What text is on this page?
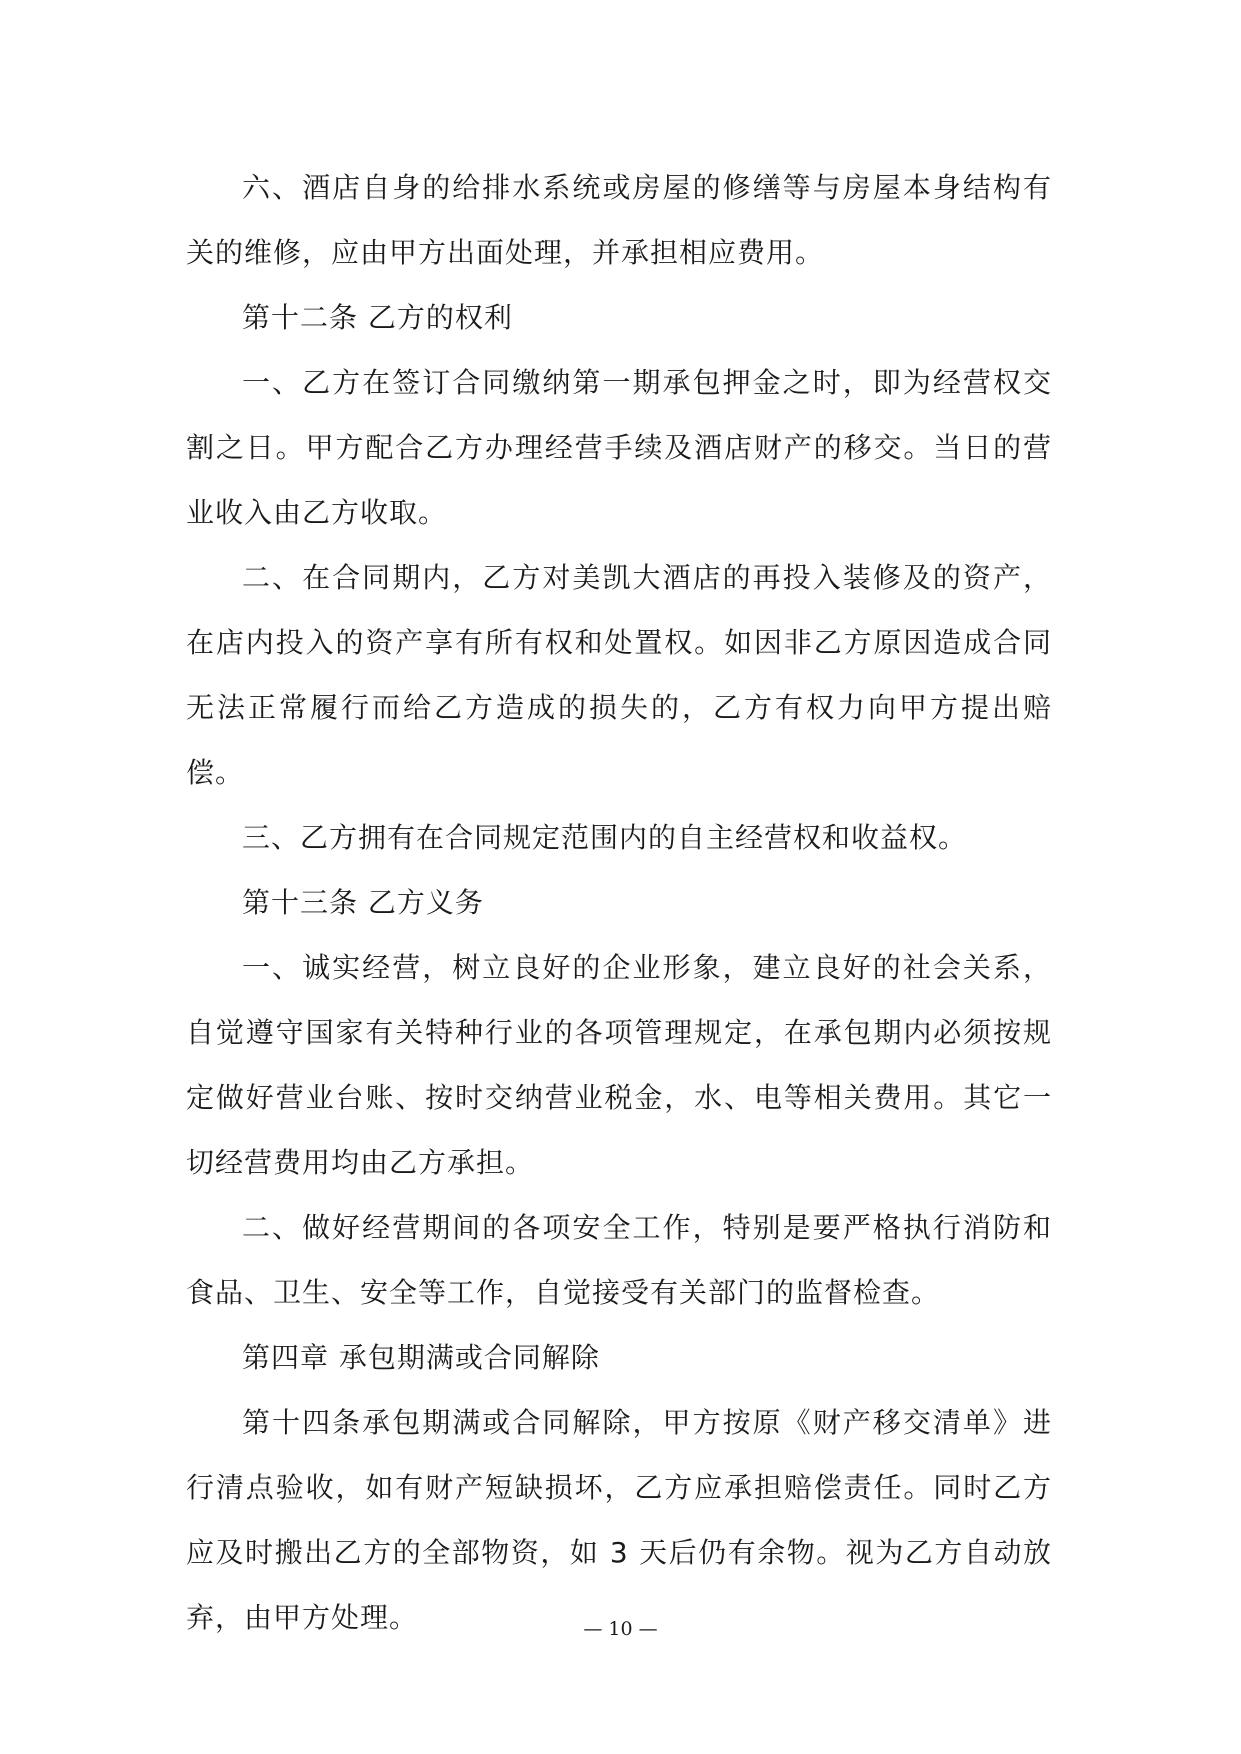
六、酒店自身的给排水系统或房屋的修缮等与房屋本身结构有关的维修，应由甲方出面处理，并承担相应费用。

第十二条 乙方的权利

一、乙方在签订合同缴纳第一期承包押金之时，即为经营权交割之日。甲方配合乙方办理经营手续及酒店财产的移交。当日的营业收入由乙方收取。

二、在合同期内，乙方对美凯大酒店的再投入装修及的资产，在店内投入的资产享有所有权和处置权。如因非乙方原因造成合同无法正常履行而给乙方造成的损失的，乙方有权力向甲方提出赔偿。

三、乙方拥有在合同规定范围内的自主经营权和收益权。

第十三条 乙方义务

一、诚实经营，树立良好的企业形象，建立良好的社会关系，自觉遵守国家有关特种行业的各项管理规定，在承包期内必须按规定做好营业台账、按时交纳营业税金，水、电等相关费用。其它一切经营费用均由乙方承担。

二、做好经营期间的各项安全工作，特别是要严格执行消防和食品、卫生、安全等工作，自觉接受有关部门的监督检查。

第四章 承包期满或合同解除

第十四条承包期满或合同解除，甲方按原《财产移交清单》进行清点验收，如有财产短缺损坏，乙方应承担赔偿责任。同时乙方应及时搬出乙方的全部物资，如 3 天后仍有余物。视为乙方自动放弃，由甲方处理。	— 10 —
